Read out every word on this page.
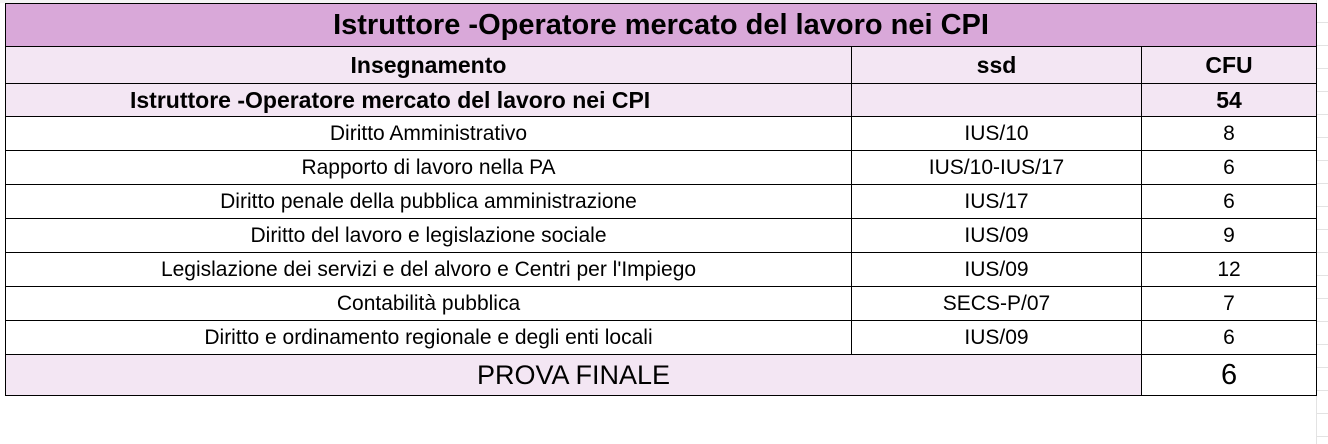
Istruttore -Operatore mercato del lavoro nei CPI		
Insegnamento	ssd	CFU
Istruttore -Operatore mercato del lavoro nei CPI		54
Diritto Amministrativo	IUS/10	8
Rapporto di lavoro nella PA	IUS/10-IUS/17	6
Diritto penale della pubblica amministrazione	IUS/17	6
Diritto del lavoro e legislazione sociale	IUS/09	9
Legislazione dei servizi e del alvoro e Centri per l'Impiego	IUS/09	12
Contabilità pubblica	SECS-P/07	7
Diritto e ordinamento regionale e degli enti locali	IUS/09	6
PROVA FINALE		6
